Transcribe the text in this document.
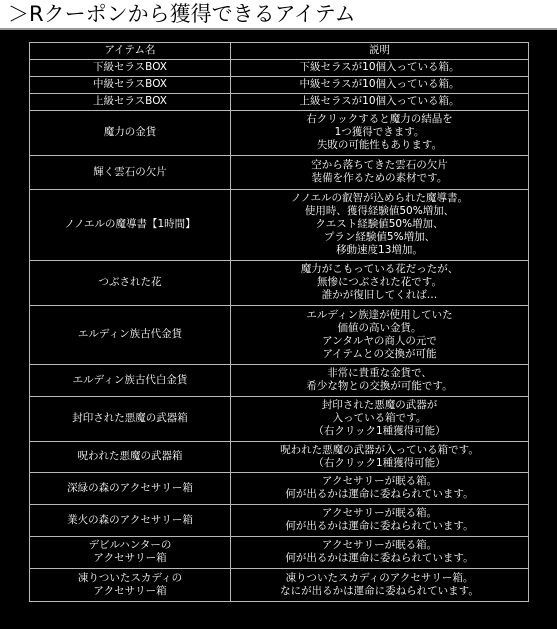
＞Rクーポンから獲得できるアイテム
アイテム名	説明

下級セラスBOX	下級セラスが10個入っている箱。

中級セラスBOX	中級セラスが10個入っている箱。

上級セラスBOX	上級セラスが10個入っている箱。

魔力の金貨	右クリックすると魔力の結晶を
1つ獲得できます。
失敗の可能性もあります。

輝く雲石の欠片	空から落ちてきた雲石の欠片
装備を作るための素材です。

ノノエルの魔導書【1時間】	ノノエルの叡智が込められた魔導書。
使用時、獲得経験値50%増加、
クエスト経験値50%増加、
プラン経験値5%増加、
移動速度13増加。

つぶされた花	魔力がこもっている花だったが、
無惨につぶされた花です。
誰かが復旧してくれば…

エルディン族古代金貨	エルディン族達が使用していた
価値の高い金貨。
アンタルヤの商人の元で
アイテムとの交換が可能

エルディン族古代白金貨	非常に貴重な金貨で、
希少な物との交換が可能です。

封印された悪魔の武器箱	封印された悪魔の武器が
入っている箱です。
（右クリック1種獲得可能）

呪われた悪魔の武器箱	呪われた悪魔の武器が入っている箱です。
（右クリック1種獲得可能）

深緑の森のアクセサリー箱	アクセサリーが眠る箱。
何が出るかは運命に委ねられています。

業火の森のアクセサリー箱	アクセサリーが眠る箱。
何が出るかは運命に委ねられています。

デビルハンターの
アクセサリー箱	アクセサリーが眠る箱。
何が出るかは運命に委ねられています。

凍りついたスカディの
アクセサリー箱	凍りついたスカディのアクセサリー箱。
なにが出るかは運命に委ねられています。
